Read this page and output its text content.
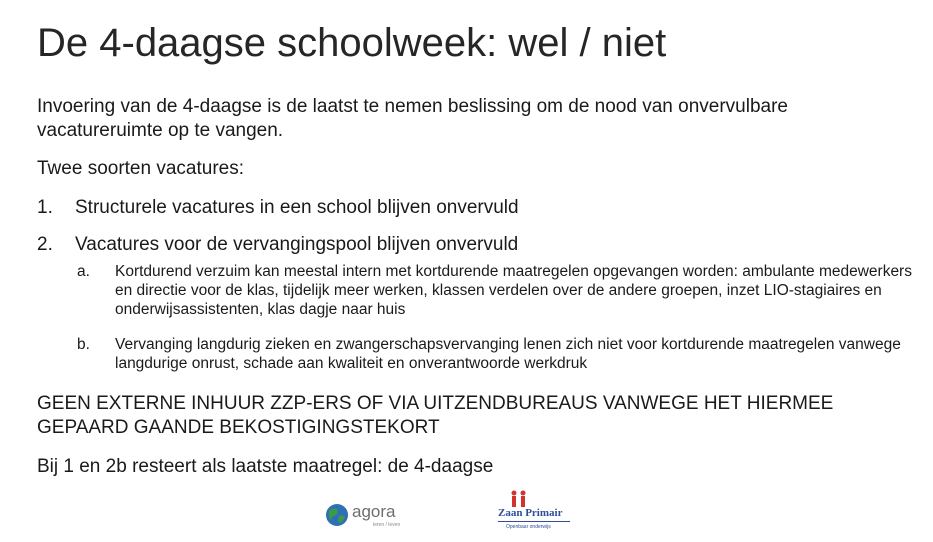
De 4-daagse schoolweek: wel / niet
Invoering van de 4-daagse is de laatst te nemen beslissing om de nood van onvervulbare vacatureruimte op te vangen.
Twee soorten vacatures:
1. Structurele vacatures in een school blijven onvervuld
2. Vacatures voor de vervangingspool blijven onvervuld
a. Kortdurend verzuim kan meestal intern met kortdurende maatregelen opgevangen worden: ambulante medewerkers en directie voor de klas, tijdelijk meer werken, klassen verdelen over de andere groepen, inzet LIO-stagiaires en onderwijsassistenten, klas dagje naar huis
b. Vervanging langdurig zieken en zwangerschapsvervanging lenen zich niet voor kortdurende maatregelen vanwege langdurige onrust, schade aan kwaliteit en onverantwoorde werkdruk
GEEN EXTERNE INHUUR ZZP-ERS OF VIA UITZENDBUREAUS VANWEGE HET HIERMEE GEPAARD GAANDE BEKOSTIGINGSTEKORT
Bij 1 en 2b resteert als laatste maatregel: de 4-daagse
agora
leren / leven
Zaan Primair
Openbaar onderwijs
